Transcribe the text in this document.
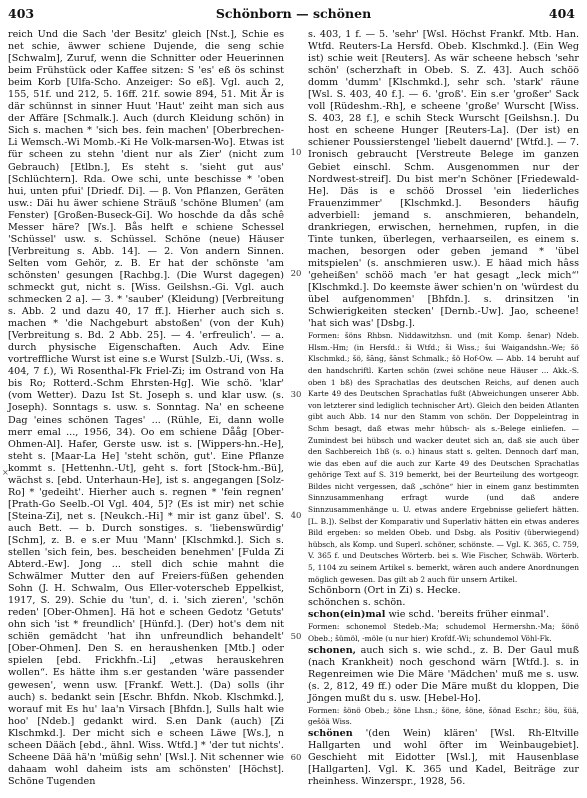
403	Schönborn — schönen	404
×

reich Und die Sach 'der Besitz' gleich [Nst.], Schie es net schie, äwwer schiene Dujende, die seng schie [Schwalm], Zuruf, wenn die Schnitter oder Heuerinnen beim Frühstück oder Kaffee sitzen: S 'es' eß ös schinst beim Korb [Ulfa-Scho. Anzeiger: So eß]. Vgl. auch 2, 155, 51f. und 212, 5. 16ff. 21f. sowie 894, 51. Mit Är is där schünnst in sinner Huut 'Haut' zeiht man sich aus der Affäre [Schmalk.]. Auch (durch Kleidung schön) in Sich s. machen * 'sich bes. fein machen' [Oberbrechen-Li Wemsch.-Wi Momb.-Ki He Volk-marsen-Wo]. Etwas ist für scheen zu stehn 'dient nur als Zier' (nicht zum Gebrauch) [Etlbn.], Es steht s. 'sieht gut aus' [Schlüchtern]. Rda. Owe schi, unte beschisse * 'oben hui, unten pfui' [Driedf. Di]. — β. Von Pflanzen, Geräten usw.: Däi hu äwer schiene Sträuß 'schöne Blumen' (am Fenster) [Großen-Buseck-Gi]. Wo hoschde da dås schê Messer häre? [Ws.]. Bås helft e schiene Schessel 'Schüssel' usw. s. Schüssel. Schöne (neue) Häuser [Verbreitung s. Abb. 14]. — 2. Von andern Sinnen. Selten vom Gehör, z. B. Er hat der schönste 'am schönsten' gesungen [Rachbg.]. (Die Wurst dagegen) schmeckt gut, nicht s. [Wiss. Geilshsn.-Gi. Vgl. auch schmecken 2 a]. — 3. * 'sauber' (Kleidung) [Verbreitung s. Abb. 2 und dazu 40, 17 ff.]. Hierher auch sich s. machen * 'die Nachgeburt abstoßen' (von der Kuh) [Verbreitung s. Bd. 2 Abb. 25]. — 4. 'erfreulich'. — a. durch physische Eigenschaften. Auch Adv. Eine vortreffliche Wurst ist eine s.e Wurst [Sulzb.-Ui, (Wss. s. 404, 7 f.), Wi Rosenthal-Fk Friel-Zi; im Ostrand von Ha bis Ro; Rotterd.-Schm Ehrsten-Hg]. Wie schö. 'klar' (vom Wetter). Dazu Ist St. Joseph s. und klar usw. (s. Joseph). Sonntags s. usw. s. Sonntag. Na' en scheene Dag 'eines schönen Tages' ... (Rühle, Ei, dann wolle merr emal ..., 1956, 34). Oo em schiene Dååg [Ober-Ohmen-Al]. Hafer, Gerste usw. ist s. [Wippers-hn.-He], steht s. [Maar-La He] 'steht schön, gut'. Eine Pflanze kommt s. [Hettenhn.-Ut], geht s. fort [Stock-hm.-Bü], wächst s. [ebd. Unterhaun-He], ist s. angegangen [Solz-Ro] * 'gedeiht'. Hierher auch s. regnen * 'fein regnen' [Prath-Go Seelb.-Ol Vgl. 404, 5]? (Es ist mir) net schie [Steina-Zi], net s. [Neukch.-Hi] * mir ist ganz übel'. S. auch Bett. — b. Durch sonstiges. s. 'liebenswürdig' [Schm], z. B. e s.er Muu 'Mann' [Klschmkd.]. Sich s. stellen 'sich fein, bes. bescheiden benehmen' [Fulda Zi Abterd.-Ew]. Jong ... stell dich schie mahnt die Schwälmer Mutter den auf Freiers-füßen gehenden Sohn (J. H. Schwalm, Ous Eller-voterscheb Eppelkist, 1917, S. 29). Schie du 'tun', d. i. 'sich zieren', 'schön reden' [Ober-Ohmen]. Hä hot e scheen Gedotz 'Getuts' ohn sich 'ist * freundlich' [Hünfd.]. (Der) hot's dem nit schiën gemädcht 'hat ihn unfreundlich behandelt' [Ober-Ohmen]. Den S. en heraushenken [Mtb.] oder spielen [ebd. Frickhfn.-Li] „etwas herauskehren wollen“. Es hätte ihm s.er gestanden 'wäre passender gewesen', wenn usw. [Frankf. Wett.]. (Da) solls (ihr auch) s. bedankt sein [Eschr. Bhfdn. Nkob. Klschmkd.], worauf mit Es hu' laa'n Virsach [Bhfdn.], Sulls halt wie hoo' [Ndeb.] gedankt wird. S.en Dank (auch) [Zi Klschmkd.]. Der micht sich e scheen Läwe [Ws.], n scheen Dääch [ebd., ähnl. Wiss. Wtfd.] * 'der tut nichts'. Scheene Dää hä'n 'müßig sehn' [Wsl.]. Nit schenner wie dahaam wohl daheim ists am schönsten' [Höchst]. Schöne Tugenden

10
20
30
40
50
60

s. 403, 1 f. — 5. 'sehr' [Wsl. Höchst Frankf. Mtb. Han. Wtfd. Reuters-La Hersfd. Obeb. Klschmkd.]. (Ein Weg ist) schie weit [Reuters]. As wär scheene hebsch 'sehr schön' (scherzhaft in Obeb. S. Z. 43]. Auch schöö domm 'dumm' [Klschmkd.], sehr sch. 'stark' räune [Wsl. S. 403, 40 f.]. — 6. 'groß'. Ein s.er 'großer' Sack voll [Rüdeshm.-Rh], e scheene 'große' Wurscht [Wiss. S. 403, 28 f.], e schih Steck Wurscht [Geilshsn.]. Du host en scheene Hunger [Reuters-La]. (Der ist) en schiener Poussierstengel 'liebelt dauernd' [Wtfd.]. — 7. Ironisch gebraucht [Verstreute Belege im ganzen Gebiet einschl. Schm. Ausgenommen nur der Nordwest-streif]. Du bist mer'n Schöner [Friedewald-He]. Däs is e schöö Drossel 'ein liederliches Frauenzimmer' [Klschmkd.]. Besonders häufig adverbiell: jemand s. anschmieren, behandeln, drankriegen, erwischen, hernehmen, rupfen, in die Tinte tunken, überlegen, verhaarseilen, es einem s. machen, besorgen oder geben jemand * 'übel mitspielen' (s. anschmieren usw.). E häad mich hâss 'geheißen' schöö mach 'er hat gesagt „leck mich“' [Klschmkd.]. Do keemste äwer schien'n on 'würdest du übel aufgenommen' [Bhfdn.]. s. drinsitzen 'in Schwierigkeiten stecken' [Dernb.-Uw]. Jao, scheene! 'hat sich was' [Dsbg.].

Formen: šöns Rhbsn. Niddawitzhsn. und (mit Komp. šenar) Ndeb. Hlsm.-Hm; (in Hersfd.: ši Wtfd.; ši Wiss.; šui Waigandshn.-We; šö Klschmkd.; šö, šāng, šānst Schmalk.; šö Hof-Ow. — Abb. 14 beruht auf den handschriftl. Karten schön (zwei schöne neue Häuser ... Akk.-S. oben 1 bß) des Sprachatlas des deutschen Reichs, auf denen auch Karte 49 des Deutschen Sprachatlas fußt (Abweichungen unserer Abb. von letzterer sind lediglich technischer Art). Gleich den beiden Atlanten gibt auch Abb. 14 nur den Stamm von schön. Der Doppeleintrag in Schm besagt, daß etwas mehr hübsch- als s.-Belege einliefen. — Zumindest bei hübsch und wacker deutet sich an, daß sie auch über den Sachbereich 1bß (s. o.) hinaus statt s. gelten. Dennoch darf man, wie das eben auf die auch zur Karte 49 des Deutschen Sprachatlas gehörige Text auf S. 319 bemerkt, bei der Beurteilung des wortgeogr. Bildes nicht vergessen, daß „schöne“ hier in einem ganz bestimmten Sinnzusammenhang erfragt wurde (und daß andere Sinnzusammenhänge u. U. etwas andere Ergebnisse geliefert hätten. [L. B.]). Selbst der Komparativ und Superlativ hätten ein etwas anderes Bild ergeben: so melden Obeb. und Dsbg. als Positiv (überwiegend) hübsch, als Komp. und Superl. schöner, schönste. — Vgl. K. 365, C. 759, V. 365 f. und Deutsches Wörterb. bei s. Wie Fischer, Schwäb. Wörterb. 5, 1104 zu seinem Artikel s. bemerkt, wären auch andere Anordnungen möglich gewesen. Das gilt ab 2 auch für unsern Artikel.

Schönborn (Ort in Zi) s. Hecke.

schönchen s. schön.

schon(ein)mal wie schd. 'bereits früher einmal'.

Formen: schonemol Stedeb.-Ma; schudemol Hermershn.-Ma; šönö Obeb.; šümöl, -möle (u nur hier) Krofdf.-Wi; schundemol Vöhl-Fk.

schonen, auch sich s. wie schd., z. B. Der Gaul muß (nach Krankheit) noch geschond wärn [Wtfd.]. s. in Regenreimen wie Die Märe 'Mädchen' muß me s. usw. (s. 2, 812, 49 ff.) oder Die Märe mußt du kloppen, Die Jöngen mußt du s. usw. [Hebel-Ho].

Formen: šönö Obeb.; šöne Lhsn.; šöne, šöne, šönad Eschr.; šöu, šüä, gešöä Wiss.

schönen '(den Wein) klären' [Wsl. Rh-Eltville Hallgarten und wohl öfter im Weinbaugebiet]. Geschieht mit Eidotter [Wsl.], mit Hausenblase [Hallgarten]. Vgl. K. 365 und Kadel, Beiträge zur rheinhess. Winzerspr., 1928, 56.
